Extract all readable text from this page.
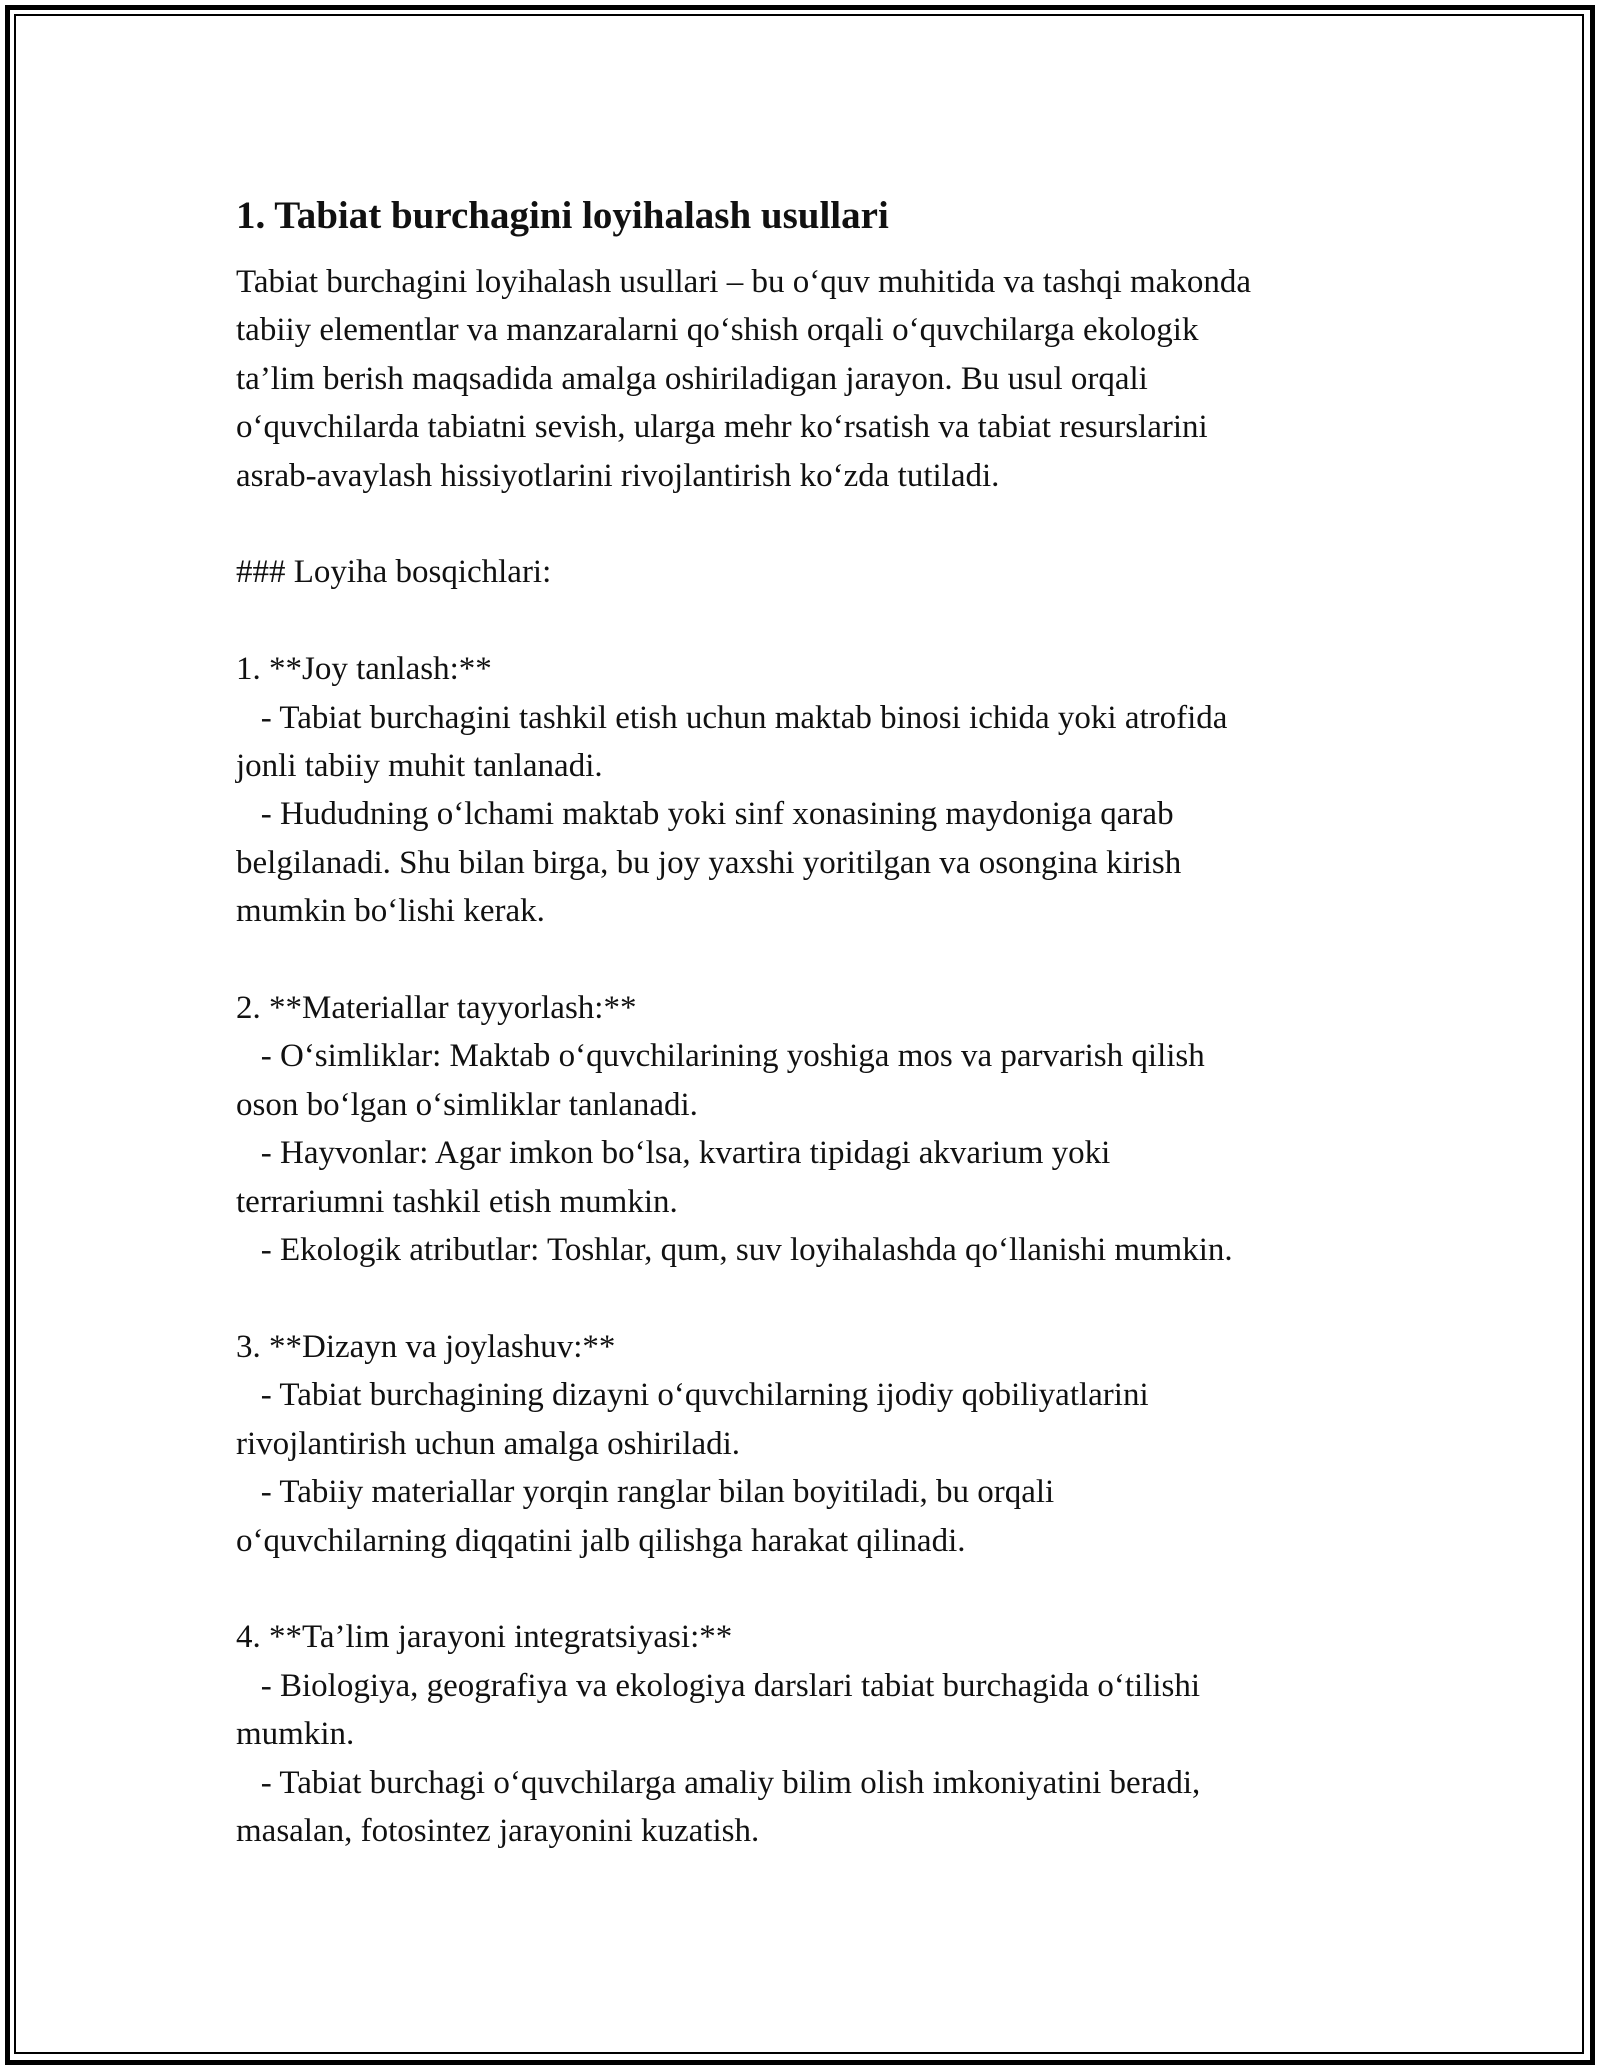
1. Tabiat burchagini loyihalash usullari
Tabiat burchagini loyihalash usullari – bu o‘quv muhitida va tashqi makonda
tabiiy elementlar va manzaralarni qo‘shish orqali o‘quvchilarga ekologik
ta’lim berish maqsadida amalga oshiriladigan jarayon. Bu usul orqali
o‘quvchilarda tabiatni sevish, ularga mehr ko‘rsatish va tabiat resurslarini
asrab-avaylash hissiyotlarini rivojlantirish ko‘zda tutiladi.
### Loyiha bosqichlari:
1. **Joy tanlash:**
- Tabiat burchagini tashkil etish uchun maktab binosi ichida yoki atrofida
jonli tabiiy muhit tanlanadi.
- Hududning o‘lchami maktab yoki sinf xonasining maydoniga qarab
belgilanadi. Shu bilan birga, bu joy yaxshi yoritilgan va osongina kirish
mumkin bo‘lishi kerak.
2. **Materiallar tayyorlash:**
- O‘simliklar: Maktab o‘quvchilarining yoshiga mos va parvarish qilish
oson bo‘lgan o‘simliklar tanlanadi.
- Hayvonlar: Agar imkon bo‘lsa, kvartira tipidagi akvarium yoki
terrariumni tashkil etish mumkin.
- Ekologik atributlar: Toshlar, qum, suv loyihalashda qo‘llanishi mumkin.
3. **Dizayn va joylashuv:**
- Tabiat burchagining dizayni o‘quvchilarning ijodiy qobiliyatlarini
rivojlantirish uchun amalga oshiriladi.
- Tabiiy materiallar yorqin ranglar bilan boyitiladi, bu orqali
o‘quvchilarning diqqatini jalb qilishga harakat qilinadi.
4. **Ta’lim jarayoni integratsiyasi:**
- Biologiya, geografiya va ekologiya darslari tabiat burchagida o‘tilishi
mumkin.
- Tabiat burchagi o‘quvchilarga amaliy bilim olish imkoniyatini beradi,
masalan, fotosintez jarayonini kuzatish.
